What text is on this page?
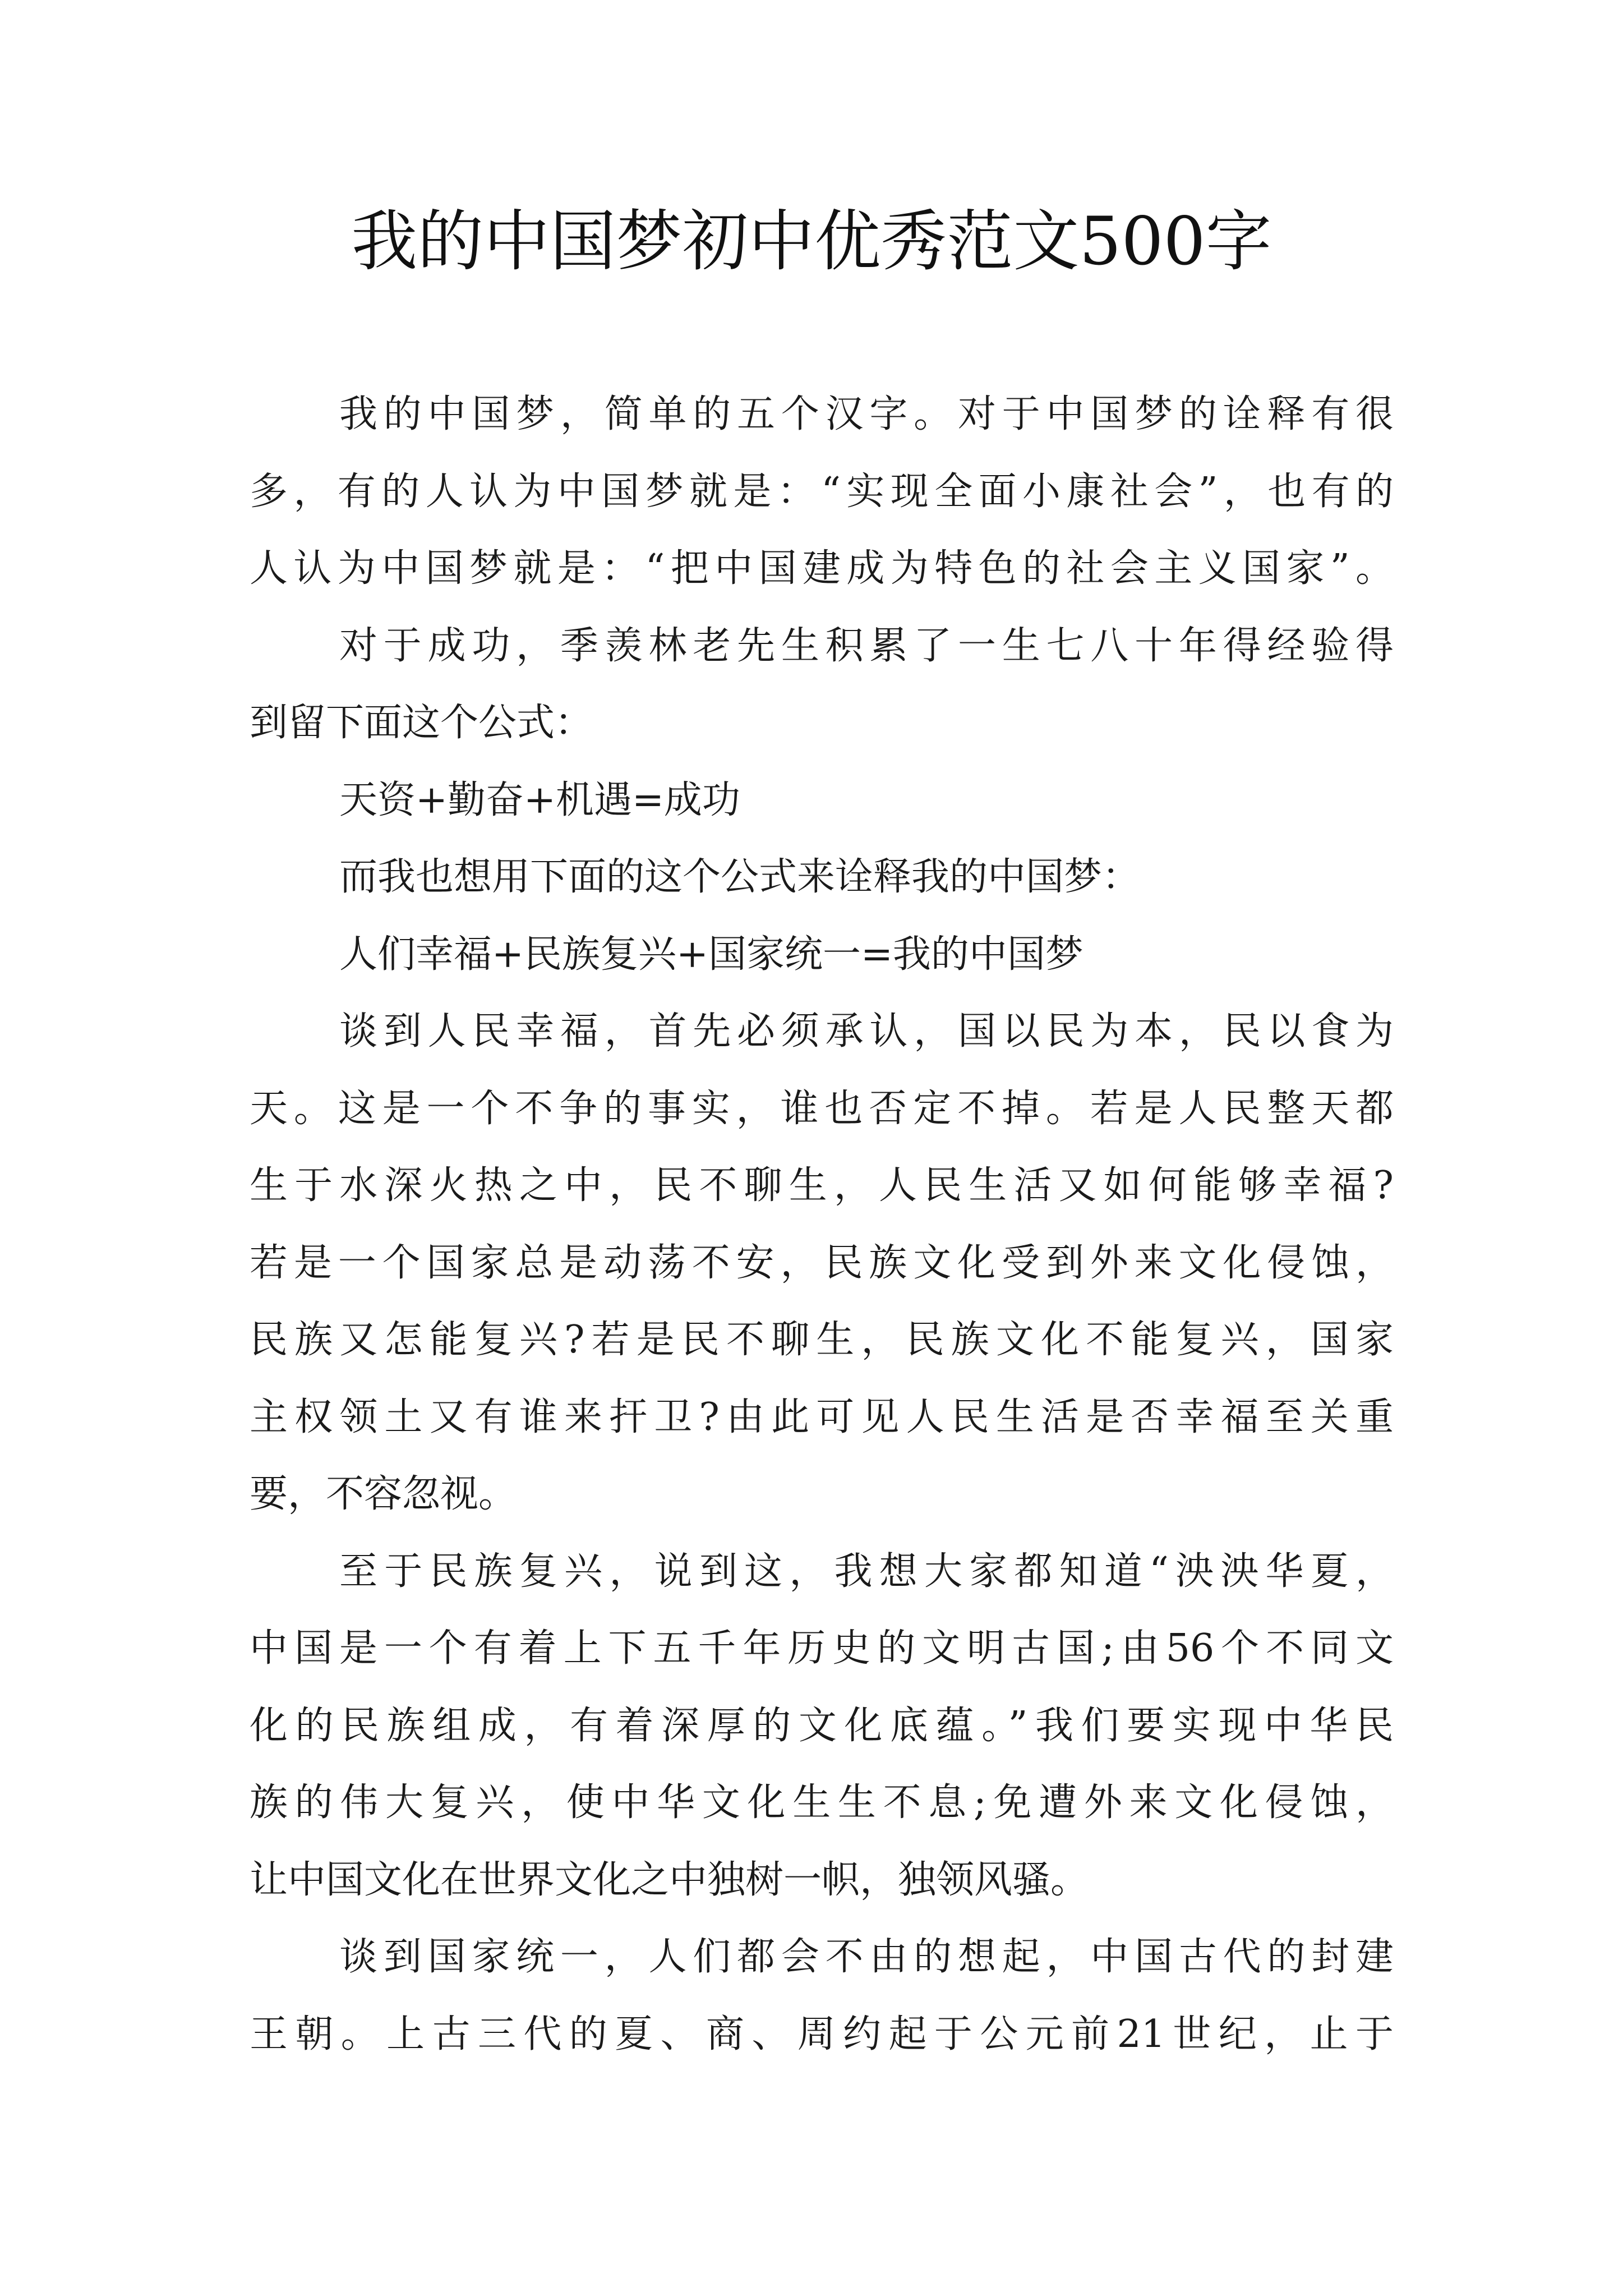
我的中国梦初中优秀范文500字
我的中国梦，简单的五个汉字。对于中国梦的诠释有很
多，有的人认为中国梦就是：“实现全面小康社会”，也有的
人认为中国梦就是：“把中国建成为特色的社会主义国家”。
对于成功，季羡林老先生积累了一生七八十年得经验得
到留下面这个公式：
天资+勤奋+机遇=成功
而我也想用下面的这个公式来诠释我的中国梦：
人们幸福+民族复兴+国家统一=我的中国梦
谈到人民幸福，首先必须承认，国以民为本，民以食为
天。这是一个不争的事实，谁也否定不掉。若是人民整天都
生于水深火热之中，民不聊生，人民生活又如何能够幸福?
若是一个国家总是动荡不安，民族文化受到外来文化侵蚀，
民族又怎能复兴?若是民不聊生，民族文化不能复兴，国家
主权领土又有谁来扞卫?由此可见人民生活是否幸福至关重
要，不容忽视。
至于民族复兴，说到这，我想大家都知道“泱泱华夏，
中国是一个有着上下五千年历史的文明古国;由56个不同文
化的民族组成，有着深厚的文化底蕴。”我们要实现中华民
族的伟大复兴，使中华文化生生不息;免遭外来文化侵蚀，
让中国文化在世界文化之中独树一帜，独领风骚。
谈到国家统一，人们都会不由的想起，中国古代的封建
王朝。上古三代的夏、商、周约起于公元前21世纪，止于
